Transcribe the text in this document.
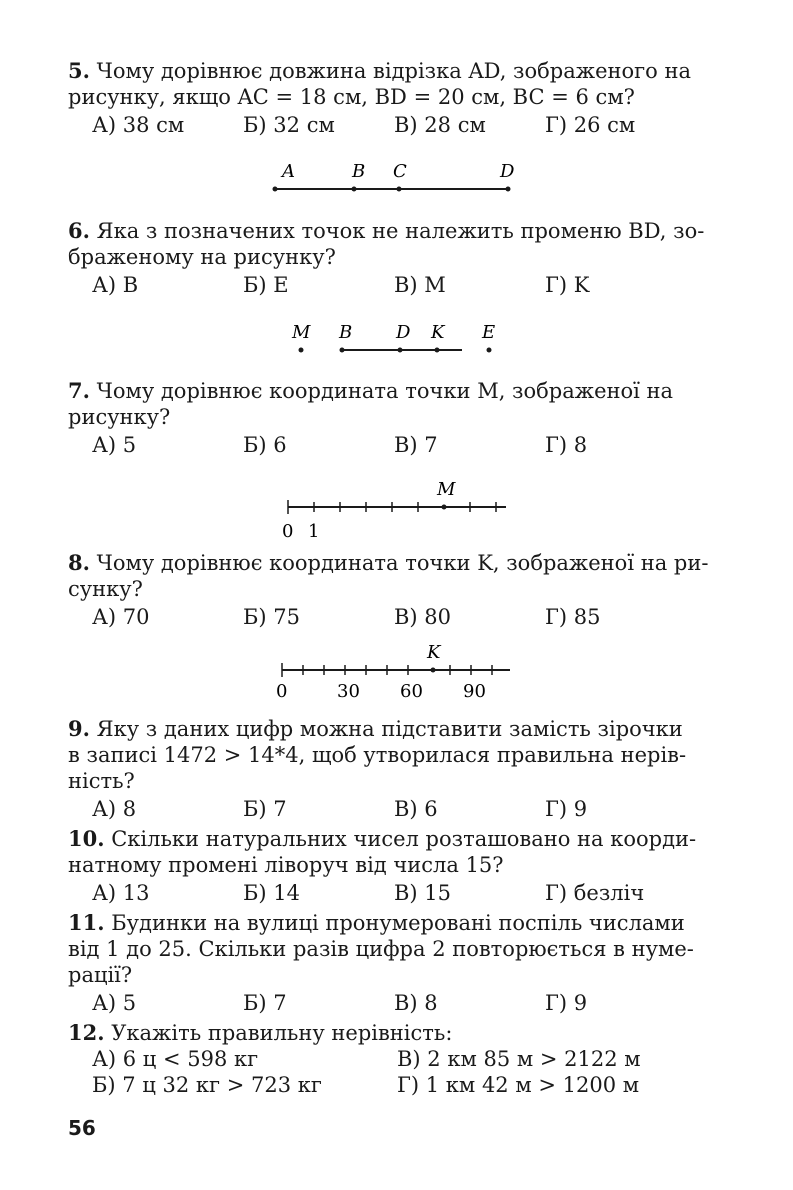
5. Чому дорівнює довжина відрізка AD, зображеного на
рисунку, якщо AC = 18 см, BD = 20 см, BC = 6 см?
А) 38 см	Б) 32 см	В) 28 см	Г) 26 см
A	B C	D
6. Яка з позначених точок не належить променю BD, зо-
браженому на рисунку?
А) B	Б) E	В) M	Г) K
M B D K E
7. Чому дорівнює координата точки M, зображеної на
рисунку?
А) 5	Б) 6	В) 7	Г) 8
M
0 1
8. Чому дорівнює координата точки K, зображеної на ри-
сунку?
А) 70	Б) 75	В) 80	Г) 85
K
0	30 60 90
9. Яку з даних цифр можна підставити замість зірочки
в записі 1472 > 14*4, щоб утворилася правильна нерів-
ність?
А) 8	Б) 7	В) 6	Г) 9
10. Скільки натуральних чисел розташовано на коорди-
натному промені ліворуч від числа 15?
А) 13	Б) 14	В) 15	Г) безліч
11. Будинки на вулиці пронумеровані поспіль числами
від 1 до 25. Скільки разів цифра 2 повторюється в нуме-
рації?
А) 5	Б) 7	В) 8	Г) 9
12. Укажіть правильну нерівність:
А) 6 ц < 598 кг	В) 2 км 85 м > 2122 м
Б) 7 ц 32 кг > 723 кг	Г) 1 км 42 м > 1200 м
56
